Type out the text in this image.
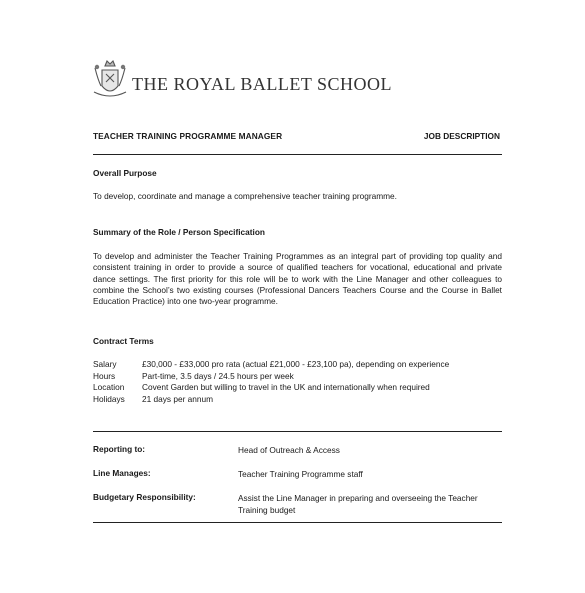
THE ROYAL BALLET SCHOOL
TEACHER TRAINING PROGRAMME MANAGER	JOB DESCRIPTION
Overall Purpose
To develop, coordinate and manage a comprehensive teacher training programme.
Summary of the Role / Person Specification
To develop and administer the Teacher Training Programmes as an integral part of providing top quality and consistent training in order to provide a source of qualified teachers for vocational, educational and private dance settings. The first priority for this role will be to work with the Line Manager and other colleagues to combine the School’s two existing courses (Professional Dancers Teachers Course and the Course in Ballet Education Practice) into one two-year programme.
Contract Terms
Salary	£30,000 - £33,000 pro rata (actual £21,000 - £23,100 pa), depending on experience
Hours	Part-time, 3.5 days / 24.5 hours per week
Location Covent Garden but willing to travel in the UK and internationally when required
Holidays 21 days per annum
Reporting to:	Head of Outreach & Access
Line Manages:	Teacher Training Programme staff
Budgetary Responsibility:	Assist the Line Manager in preparing and overseeing the Teacher Training budget
